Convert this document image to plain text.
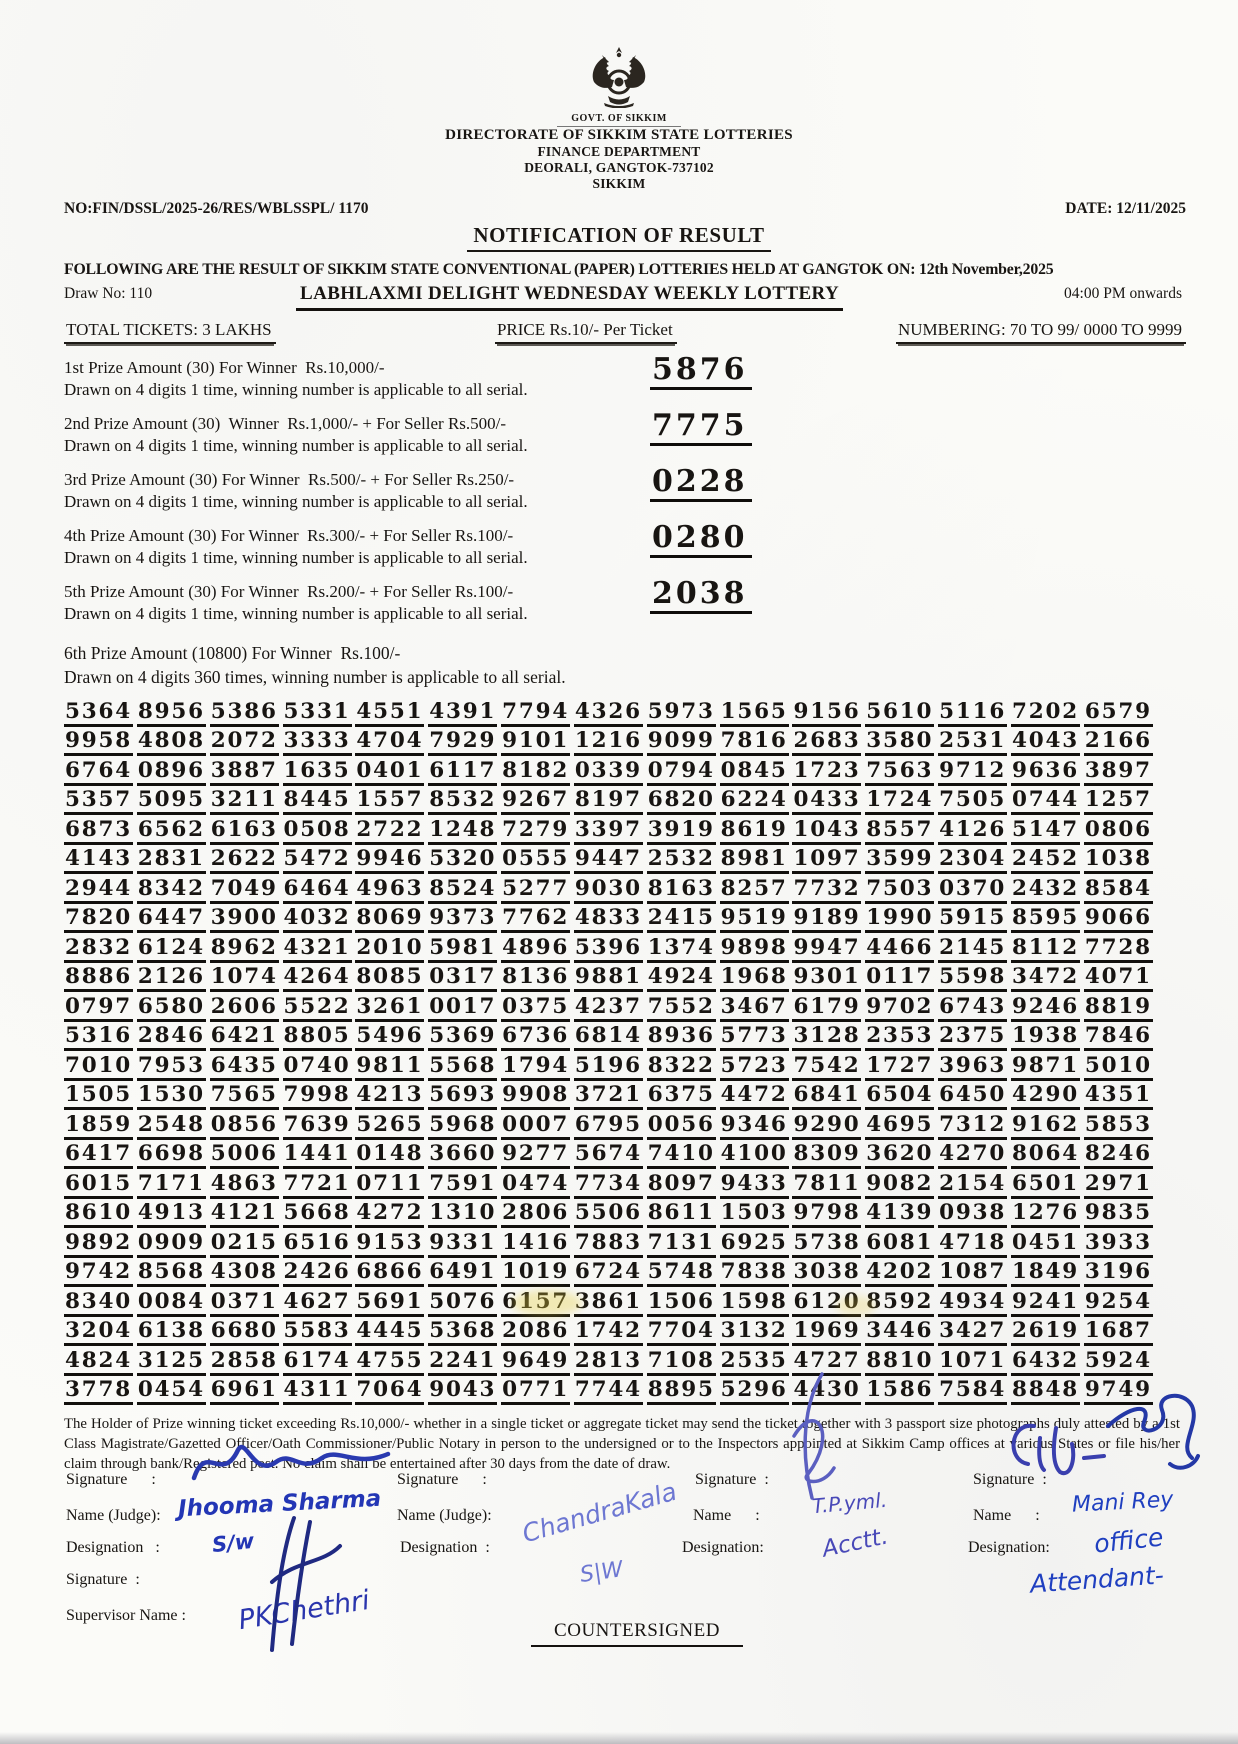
GOVT. OF SIKKIM
DIRECTORATE OF SIKKIM STATE LOTTERIES
FINANCE DEPARTMENT
DEORALI, GANGTOK-737102
SIKKIM
NO:FIN/DSSL/2025-26/RES/WBLSSPL/ 1170	DATE: 12/11/2025
NOTIFICATION OF RESULT
FOLLOWING ARE THE RESULT OF SIKKIM STATE CONVENTIONAL (PAPER) LOTTERIES HELD AT GANGTOK ON: 12th November,2025
Draw No: 110	LABHLAXMI DELIGHT WEDNESDAY WEEKLY LOTTERY	04:00 PM onwards
TOTAL TICKETS: 3 LAKHS	PRICE Rs.10/- Per Ticket	NUMBERING: 70 TO 99/ 0000 TO 9999
1st Prize Amount (30) For Winner  Rs.10,000/-
Drawn on 4 digits 1 time, winning number is applicable to all serial.
5876
2nd Prize Amount (30)  Winner  Rs.1,000/- + For Seller Rs.500/-
Drawn on 4 digits 1 time, winning number is applicable to all serial.
7775
3rd Prize Amount (30) For Winner  Rs.500/- + For Seller Rs.250/-
Drawn on 4 digits 1 time, winning number is applicable to all serial.
0228
4th Prize Amount (30) For Winner  Rs.300/- + For Seller Rs.100/-
Drawn on 4 digits 1 time, winning number is applicable to all serial.
0280
5th Prize Amount (30) For Winner  Rs.200/- + For Seller Rs.100/-
Drawn on 4 digits 1 time, winning number is applicable to all serial.
2038
6th Prize Amount (10800) For Winner  Rs.100/-
Drawn on 4 digits 360 times, winning number is applicable to all serial.
5364 8956 5386 5331 4551 4391 7794 4326 5973 1565 9156 5610 5116 7202 6579
9958 4808 2072 3333 4704 7929 9101 1216 9099 7816 2683 3580 2531 4043 2166
6764 0896 3887 1635 0401 6117 8182 0339 0794 0845 1723 7563 9712 9636 3897
5357 5095 3211 8445 1557 8532 9267 8197 6820 6224 0433 1724 7505 0744 1257
6873 6562 6163 0508 2722 1248 7279 3397 3919 8619 1043 8557 4126 5147 0806
4143 2831 2622 5472 9946 5320 0555 9447 2532 8981 1097 3599 2304 2452 1038
2944 8342 7049 6464 4963 8524 5277 9030 8163 8257 7732 7503 0370 2432 8584
7820 6447 3900 4032 8069 9373 7762 4833 2415 9519 9189 1990 5915 8595 9066
2832 6124 8962 4321 2010 5981 4896 5396 1374 9898 9947 4466 2145 8112 7728
8886 2126 1074 4264 8085 0317 8136 9881 4924 1968 9301 0117 5598 3472 4071
0797 6580 2606 5522 3261 0017 0375 4237 7552 3467 6179 9702 6743 9246 8819
5316 2846 6421 8805 5496 5369 6736 6814 8936 5773 3128 2353 2375 1938 7846
7010 7953 6435 0740 9811 5568 1794 5196 8322 5723 7542 1727 3963 9871 5010
1505 1530 7565 7998 4213 5693 9908 3721 6375 4472 6841 6504 6450 4290 4351
1859 2548 0856 7639 5265 5968 0007 6795 0056 9346 9290 4695 7312 9162 5853
6417 6698 5006 1441 0148 3660 9277 5674 7410 4100 8309 3620 4270 8064 8246
6015 7171 4863 7721 0711 7591 0474 7734 8097 9433 7811 9082 2154 6501 2971
8610 4913 4121 5668 4272 1310 2806 5506 8611 1503 9798 4139 0938 1276 9835
9892 0909 0215 6516 9153 9331 1416 7883 7131 6925 5738 6081 4718 0451 3933
9742 8568 4308 2426 6866 6491 1019 6724 5748 7838 3038 4202 1087 1849 3196
8340 0084 0371 4627 5691 5076 6157 3861 1506 1598 6120 8592 4934 9241 9254
3204 6138 6680 5583 4445 5368 2086 1742 7704 3132 1969 3446 3427 2619 1687
4824 3125 2858 6174 4755 2241 9649 2813 7108 2535 4727 8810 1071 6432 5924
3778 0454 6961 4311 7064 9043 0771 7744 8895 5296 4430 1586 7584 8848 9749
The Holder of Prize winning ticket exceeding Rs.10,000/- whether in a single ticket or aggregate ticket may send the ticket together with 3 passport size photographs duly attested by a 1st Class Magistrate/Gazetted Officer/Oath Commissioner/Public Notary in person to the undersigned or to the Inspectors appointed at Sikkim Camp offices at various States or file his/her claim through bank/Registered post. No claim shall be entertained after 30 days from the date of draw.
Signature      :	Signature      :	Signature  :	Signature  :
Name (Judge):	Name (Judge):	Name      :	Name      :
Designation   :	Designation  :	Designation:	Designation:
Signature  :
Supervisor Name :
COUNTERSIGNED
Jhooma Sharma
S/w	ChandraKala
S|W
T.P.yml.
Acctt.
Mani Rey
office
Attendant-
PKChethri
